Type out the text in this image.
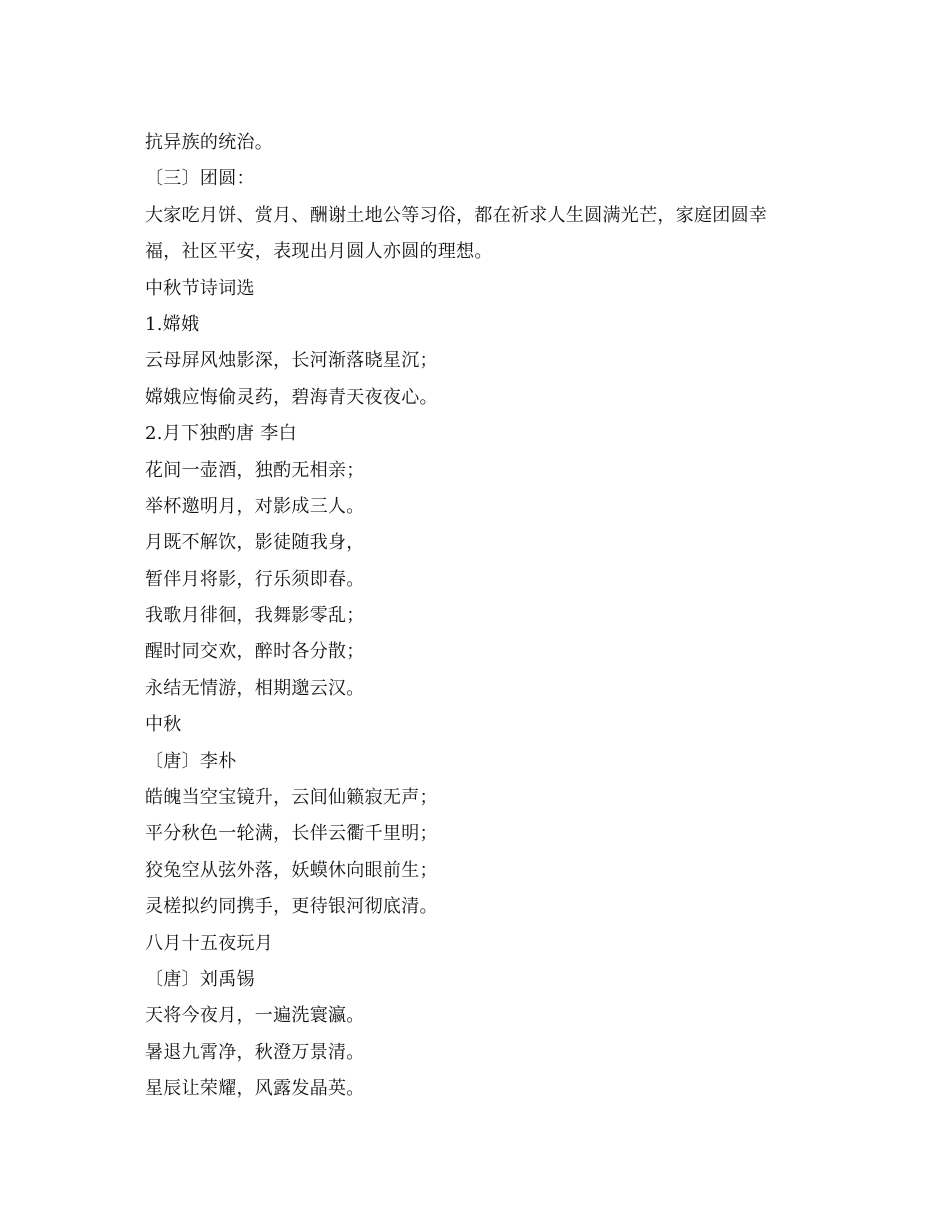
抗异族的统治。
〔三〕团圆：
大家吃月饼、赏月、酬谢土地公等习俗，都在祈求人生圆满光芒，家庭团圆幸
福，社区平安，表现出月圆人亦圆的理想。
中秋节诗词选
1.嫦娥
云母屏风烛影深，长河渐落晓星沉；
嫦娥应悔偷灵药，碧海青天夜夜心。
2.月下独酌唐 李白
花间一壶酒，独酌无相亲；
举杯邀明月，对影成三人。
月既不解饮，影徒随我身，
暂伴月将影，行乐须即春。
我歌月徘徊，我舞影零乱；
醒时同交欢，醉时各分散；
永结无情游，相期邈云汉。
中秋
〔唐〕李朴
皓魄当空宝镜升，云间仙籁寂无声；
平分秋色一轮满，长伴云衢千里明；
狡兔空从弦外落，妖蟆休向眼前生；
灵槎拟约同携手，更待银河彻底清。
八月十五夜玩月
〔唐〕刘禹锡
天将今夜月，一遍洗寰瀛。
暑退九霄净，秋澄万景清。
星辰让荣耀，风露发晶英。
